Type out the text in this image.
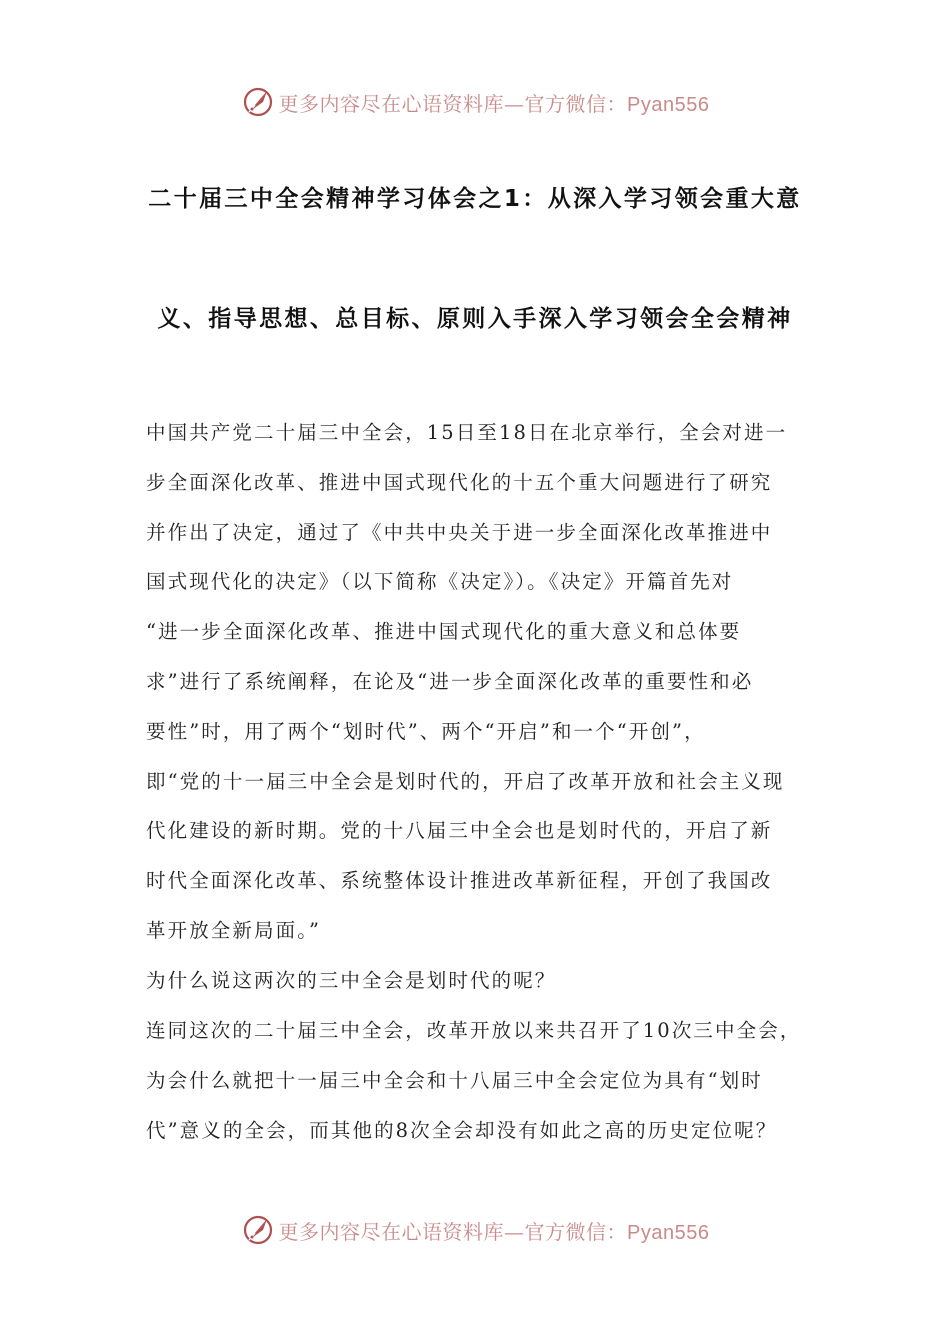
更多内容尽在心语资料库—官方微信：Pyan556
二十届三中全会精神学习体会之1：从深入学习领会重大意
义、指导思想、总目标、原则入手深入学习领会全会精神
中国共产党二十届三中全会，15日至18日在北京举行，全会对进一
步全面深化改革、推进中国式现代化的十五个重大问题进行了研究
并作出了决定，通过了《中共中央关于进一步全面深化改革推进中
国式现代化的决定》（以下简称《决定》）。《决定》开篇首先对
“进一步全面深化改革、推进中国式现代化的重大意义和总体要
求”进行了系统阐释，在论及“进一步全面深化改革的重要性和必
要性”时，用了两个“划时代”、两个“开启”和一个“开创”，
即“党的十一届三中全会是划时代的，开启了改革开放和社会主义现
代化建设的新时期。党的十八届三中全会也是划时代的，开启了新
时代全面深化改革、系统整体设计推进改革新征程，开创了我国改
革开放全新局面。”
为什么说这两次的三中全会是划时代的呢？
连同这次的二十届三中全会，改革开放以来共召开了10次三中全会，
为会什么就把十一届三中全会和十八届三中全会定位为具有“划时
代”意义的全会，而其他的8次全会却没有如此之高的历史定位呢？
更多内容尽在心语资料库—官方微信：Pyan556
